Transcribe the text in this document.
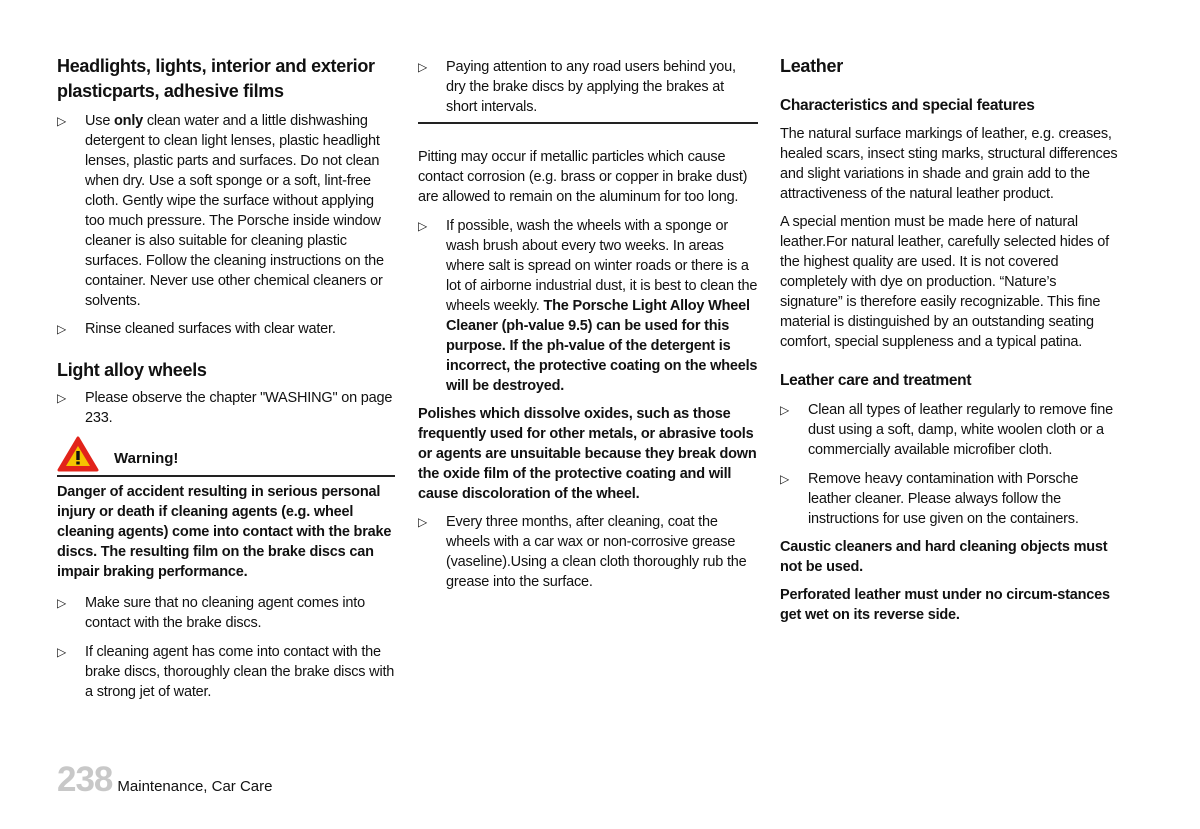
Headlights, lights, interior and exterior plasticparts, adhesive films
▷	Use only clean water and a little dishwashing detergent to clean light lenses, plastic headlight lenses, plastic parts and surfaces. Do not clean when dry. Use a soft sponge or a soft, lint-free cloth. Gently wipe the surface without applying too much pressure. The Porsche inside window cleaner is also suitable for cleaning plastic surfaces. Follow the cleaning instructions on the container. Never use other chemical cleaners or solvents.
▷	Rinse cleaned surfaces with clear water.
Light alloy wheels
▷	Please observe the chapter "WASHING" on page 233.
Warning!

Danger of accident resulting in serious personal injury or death if cleaning agents (e.g. wheel cleaning agents) come into contact with the brake discs. The resulting film on the brake discs can impair braking performance.

▷	Make sure that no cleaning agent comes into contact with the brake discs.
▷	If cleaning agent has come into contact with the brake discs, thoroughly clean the brake discs with a strong jet of water.
▷	Paying attention to any road users behind you, dry the brake discs by applying the brakes at short intervals.

Pitting may occur if metallic particles which cause contact corrosion (e.g. brass or copper in brake dust) are allowed to remain on the aluminum for too long.

▷	If possible, wash the wheels with a sponge or wash brush about every two weeks. In areas where salt is spread on winter roads or there is a lot of airborne industrial dust, it is best to clean the wheels weekly. The Porsche Light Alloy Wheel Cleaner (ph-value 9.5) can be used for this purpose. If the ph-value of the detergent is incorrect, the protective coating on the wheels will be destroyed.

Polishes which dissolve oxides, such as those frequently used for other metals, or abrasive tools or agents are unsuitable because they break down the oxide film of the protective coating and will cause discoloration of the wheel.

▷	Every three months, after cleaning, coat the wheels with a car wax or non-corrosive grease (vaseline).Using a clean cloth thoroughly rub the grease into the surface.
Leather
Characteristics and special features

The natural surface markings of leather, e.g. creases, healed scars, insect sting marks, structural differences and slight variations in shade and grain add to the attractiveness of the natural leather product.

A special mention must be made here of natural leather.For natural leather, carefully selected hides of the highest quality are used. It is not covered completely with dye on production. “Nature’s signature” is therefore easily recognizable. This fine material is distinguished by an outstanding seating comfort, special suppleness and a typical patina.

Leather care and treatment
▷	Clean all types of leather regularly to remove fine dust using a soft, damp, white woolen cloth or a commercially available microfiber cloth.
▷	Remove heavy contamination with Porsche leather cleaner. Please always follow the instructions for use given on the containers.

Caustic cleaners and hard cleaning objects must not be used.

Perforated leather must under no circum-stances get wet on its reverse side.

238 Maintenance, Car Care
